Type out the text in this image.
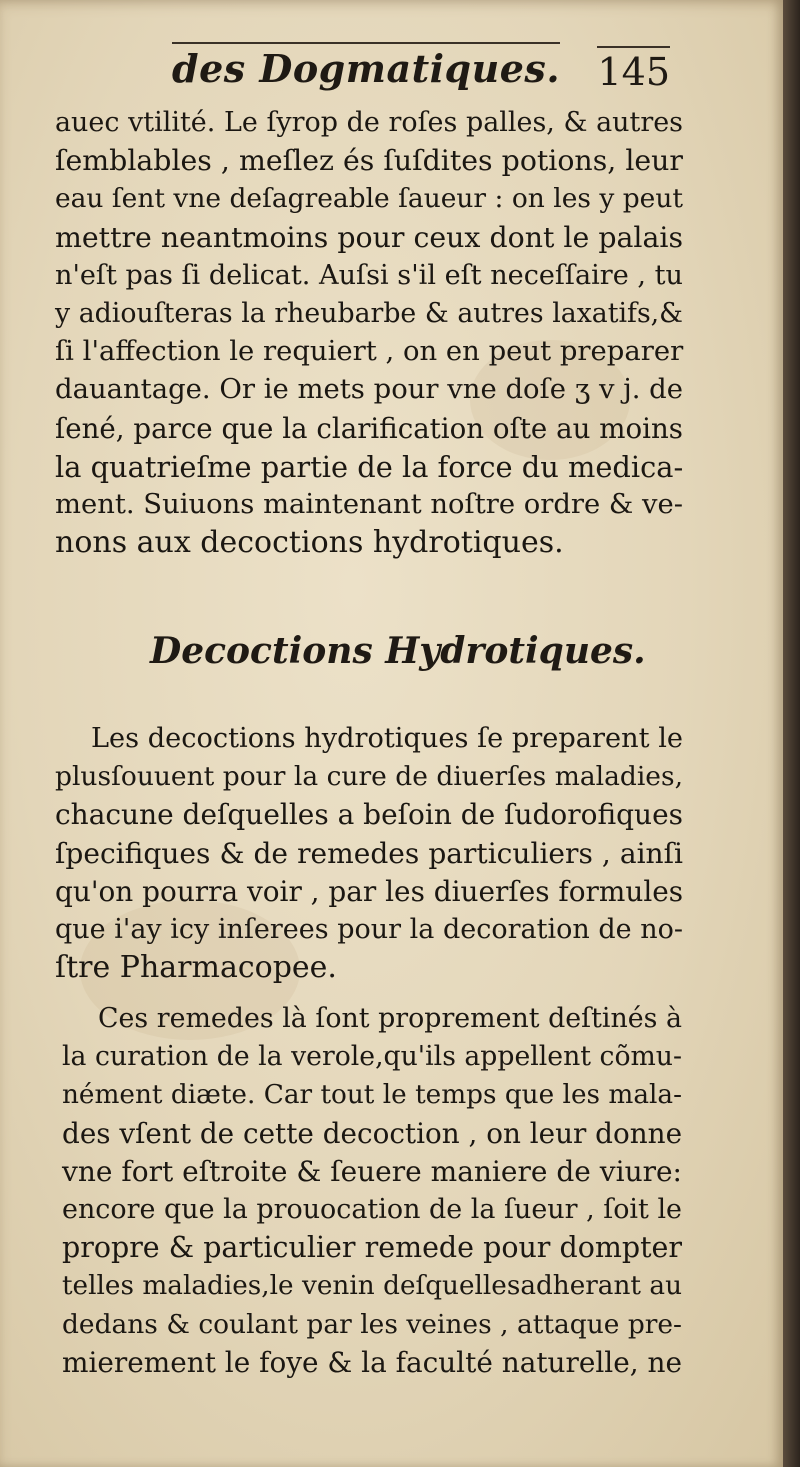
des Dogmatiques. 145
auec vtilité. Le ſyrop de roſes palles, & autres
ſemblables , meſlez és ſuſdites potions, leur
eau ſent vne deſagreable ſaueur : on les y peut
mettre neantmoins pour ceux dont le palais
n'eſt pas ſi delicat. Auſsi s'il eſt neceſſaire , tu
y adiouſteras la rheubarbe & autres laxatifs,&
ſi l'affection le requiert , on en peut preparer
dauantage. Or ie mets pour vne doſe ʒ v j. de
ſené, parce que la clarification oſte au moins
la quatrieſme partie de la force du medica-
ment. Suiuons maintenant noſtre ordre & ve-
nons aux decoctions hydrotiques.
Decoctions Hydrotiques.
Les decoctions hydrotiques ſe preparent le
plusſouuent pour la cure de diuerſes maladies,
chacune deſquelles a beſoin de ſudorofiques
ſpecifiques & de remedes particuliers , ainſi
qu'on pourra voir , par les diuerſes formules
que i'ay icy inſerees pour la decoration de no-
ſtre Pharmacopee.
Ces remedes là ſont proprement deſtinés à
la curation de la verole,qu'ils appellent cõmu-
nément diæte. Car tout le temps que les mala-
des vſent de cette decoction , on leur donne
vne fort eſtroite & ſeuere maniere de viure:
encore que la prouocation de la ſueur , ſoit le
propre & particulier remede pour dompter
telles maladies,le venin deſquellesadherant au
dedans & coulant par les veines , attaque pre-
mierement le foye & la faculté naturelle, ne
